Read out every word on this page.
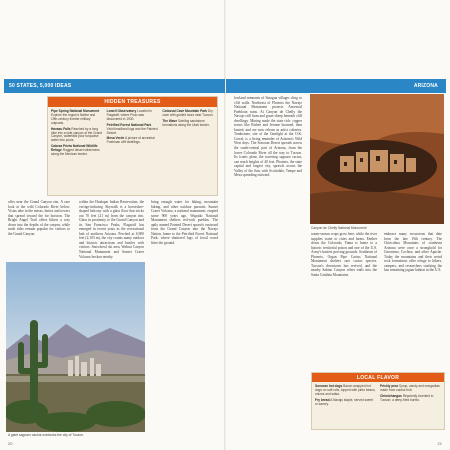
50 STATES, 5,000 IDEAS	ARIZONA
HIDDEN TREASURES
Pipe Spring National Monument Explore the region's Native and 19th-century frontier military outposts.
Havasu Falls Reached by a long hike into a side canyon of the Grand Canyon, waterfalls pour turquoise water into pools.
Cabeza Prieta National Wildlife Refuge Rugged desert wilderness along the Mexican border.
Lowell Observatory Located in Flagstaff, where Pluto was discovered in 1930.
Petrified Forest National Park Vivid fossilized logs and the Painted Desert.
Mesa Verde A picture of ancestral Puebloan cliff dwellings.
Colossal Cave Mountain Park Dry cave with guided tours near Tucson.
The Wave Swirling sandstone formations along the Utah border.
offer near the Grand Canyon rim. A rare look at the wild Colorado River below. Vistas take in the mesas, buttes and towers that spread toward the far horizon. The Bright Angel Trail offers hikers a way down into the depths of the canyon, while mule rides remain popular for visitors to the Grand Canyon.
within the Hualapai Indian Reservation, the vertigo-inducing Skywalk is a horseshoe-shaped balcony with a glass floor that sticks out 70 feet (21 m) from the canyon rim. Glass in proximity to the Grand Canyon and its San Francisco Peaks, Flagstaff has emerged in recent years as the recreational hub of northern Arizona. Perched at 6,900 feet (2,103 m), the city counts many outdoor and historic attractions and bustles with visitors. Snowbowl ski area, Walnut Canyon National Monument and Sunset Crater Volcano beckon nearby.
bring enough water for hiking, mountain biking, and other outdoor pursuits. Sunset Crater Volcano, a national monument, erupted some 900 years ago. Wupatki National Monument shelters red-rock pueblos. The aptly named Painted Desert sprawls eastward from the Grand Canyon into the Navajo Nation, home to the Petrified Forest National Park, where shattered logs of fossil wood litter the ground.
lowland remnants of Sinagua villages cling to cliff walls. Northeast of Phoenix the Navajo National Monument protects Ancestral Puebloan ruins. At Canyon de Chelly the Navajo still farm and graze sheep beneath cliff dwellings. Mining made the state rich: copper towns like Bisbee and Jerome boomed, then busted, and are now reborn as artist colonies. Tombstone, site of the Gunfight at the O.K. Corral, is a living reminder of Arizona's Wild West days. The Sonoran Desert spreads across the south-central part of Arizona, from the lower Colorado River all the way to Tucson. Its iconic plant, the towering saguaro cactus, can reach heights of 40 feet. Phoenix, the state capital and largest city, sprawls across the Valley of the Sun, with Scottsdale, Tempe and Mesa spreading outward.
warm-season crops grow here, while the river supplies water to cities and farms. Farther down the Colorado, Yuma is home to a historic territorial prison and one of the U.S. Army's busiest proving grounds. Southeast of Phoenix, Organ Pipe Cactus National Monument shelters rare cactus species. Tucson's downtown has revived, and the nearby Sabino Canyon offers trails into the Santa Catalina Mountains.
embrace many excursions that date from the late 19th century. The Chiricahua Mountains of southeast Arizona were once a stronghold for Geronimo, Cochise, and other Apache. Today the mountains and their weird rock formations offer refuge to hikers, campers, and researchers studying the last remaining jaguar habitat in the U.S.
A giant saguaro cactus overlooks the city of Tucson.
Canyon de Chelly National Monument
LOCAL FLAVOR
Sonoran hot dogs Bacon-wrapped hot dogs on soft rolls, topped with pinto beans, onions and salsa.
Fry bread A Navajo staple, served sweet or savory.
Prickly pear Syrup, candy and margaritas made from cactus fruit.
Chimichangas Reputedly invented in Tucson: a deep-fried burrito.
20	21
